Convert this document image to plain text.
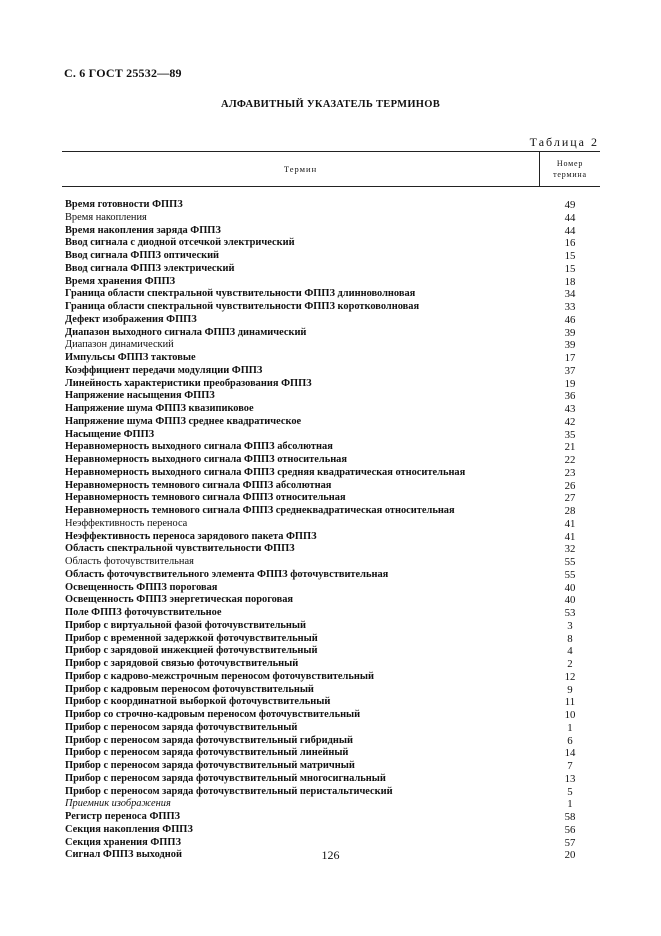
С. 6 ГОСТ 25532—89
АЛФАВИТНЫЙ УКАЗАТЕЛЬ ТЕРМИНОВ
Таблица 2
Термин
Номер
термина
Время готовности ФППЗ	49
Время накопления	44
Время накопления заряда ФППЗ	44
Ввод сигнала с диодной отсечкой электрический	16
Ввод сигнала ФППЗ оптический	15
Ввод сигнала ФППЗ электрический	15
Время хранения ФППЗ	18
Граница области спектральной чувствительности ФППЗ длинноволновая	34
Граница области спектральной чувствительности ФППЗ коротковолновая	33
Дефект изображения ФППЗ	46
Диапазон выходного сигнала ФППЗ динамический	39
Диапазон динамический	39
Импульсы ФППЗ тактовые	17
Коэффициент передачи модуляции ФППЗ	37
Линейность характеристики преобразования ФППЗ	19
Напряжение насыщения ФППЗ	36
Напряжение шума ФППЗ квазипиковое	43
Напряжение шума ФППЗ среднее квадратическое	42
Насыщение ФППЗ	35
Неравномерность выходного сигнала ФППЗ абсолютная	21
Неравномерность выходного сигнала ФППЗ относительная	22
Неравномерность выходного сигнала ФППЗ средняя квадратическая относительная	23
Неравномерность темнового сигнала ФППЗ абсолютная	26
Неравномерность темнового сигнала ФППЗ относительная	27
Неравномерность темнового сигнала ФППЗ среднеквадратическая относительная	28
Неэффективность переноса	41
Неэффективность переноса зарядового пакета ФППЗ	41
Область спектральной чувствительности ФППЗ	32
Область фоточувствительная	55
Область фоточувствительного элемента ФППЗ фоточувствительная	55
Освещенность ФППЗ пороговая	40
Освещенность ФППЗ энергетическая пороговая	40
Поле ФППЗ фоточувствительное	53
Прибор с виртуальной фазой фоточувствительный	3
Прибор с временной задержкой фоточувствительный	8
Прибор с зарядовой инжекцией фоточувствительный	4
Прибор с зарядовой связью фоточувствительный	2
Прибор с кадрово-межстрочным переносом фоточувствительный	12
Прибор с кадровым переносом фоточувствительный	9
Прибор с координатной выборкой фоточувствительный	11
Прибор со строчно-кадровым переносом фоточувствительный	10
Прибор с переносом заряда фоточувствительный	1
Прибор с переносом заряда фоточувствительный гибридный	6
Прибор с переносом заряда фоточувствительный линейный	14
Прибор с переносом заряда фоточувствительный матричный	7
Прибор с переносом заряда фоточувствительный многосигнальный	13
Прибор с переносом заряда фоточувствительный перистальтический	5
Приемник изображения	1
Регистр переноса ФППЗ	58
Секция накопления ФППЗ	56
Секция хранения ФППЗ	57
Сигнал ФППЗ выходной	20
126
